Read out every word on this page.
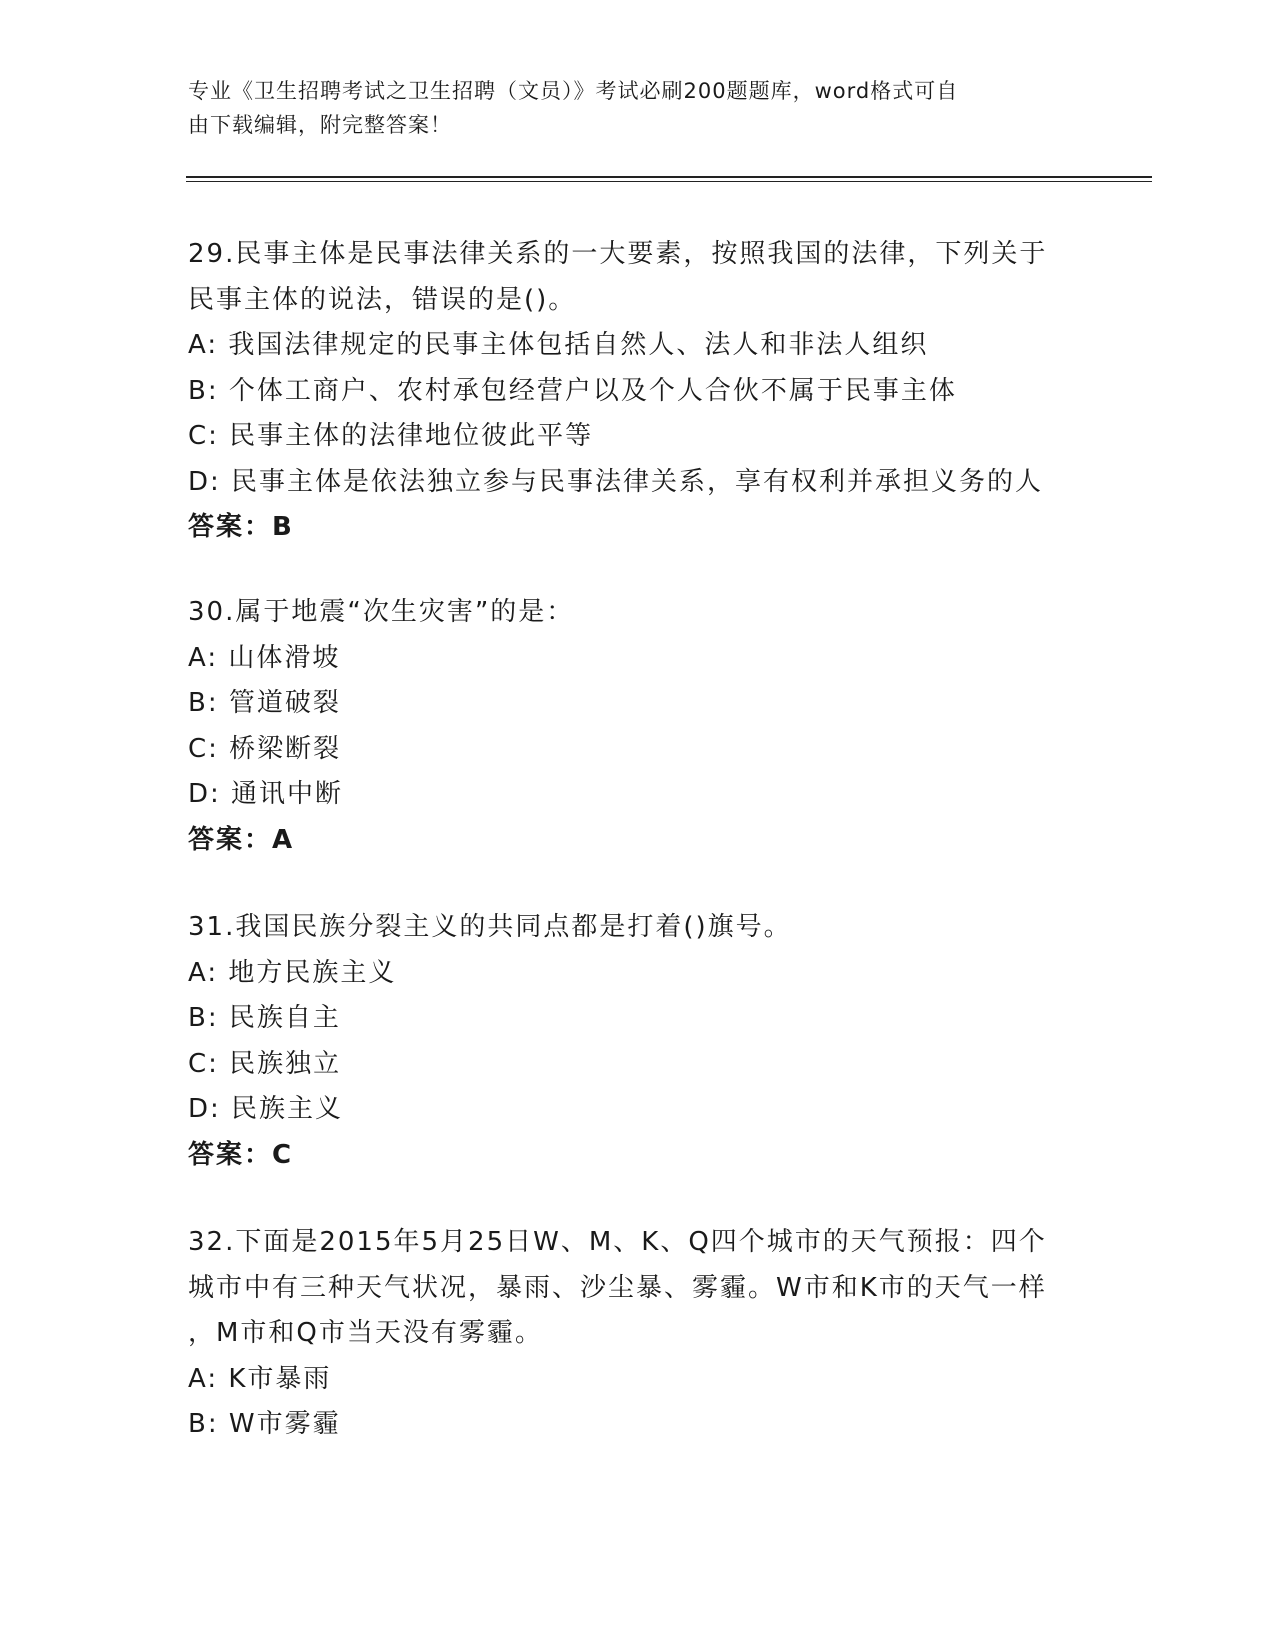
专业《卫生招聘考试之卫生招聘（文员）》考试必刷200题题库，word格式可自
由下载编辑，附完整答案！
29.民事主体是民事法律关系的一大要素，按照我国的法律，下列关于
民事主体的说法，错误的是()。
A: 我国法律规定的民事主体包括自然人、法人和非法人组织
B: 个体工商户、农村承包经营户以及个人合伙不属于民事主体
C: 民事主体的法律地位彼此平等
D: 民事主体是依法独立参与民事法律关系，享有权利并承担义务的人
答案：B
30.属于地震“次生灾害”的是：
A: 山体滑坡
B: 管道破裂
C: 桥梁断裂
D: 通讯中断
答案：A
31.我国民族分裂主义的共同点都是打着()旗号。
A: 地方民族主义
B: 民族自主
C: 民族独立
D: 民族主义
答案：C
32.下面是2015年5月25日W、M、K、Q四个城市的天气预报：四个
城市中有三种天气状况，暴雨、沙尘暴、雾霾。W市和K市的天气一样
，M市和Q市当天没有雾霾。
A: K市暴雨
B: W市雾霾
